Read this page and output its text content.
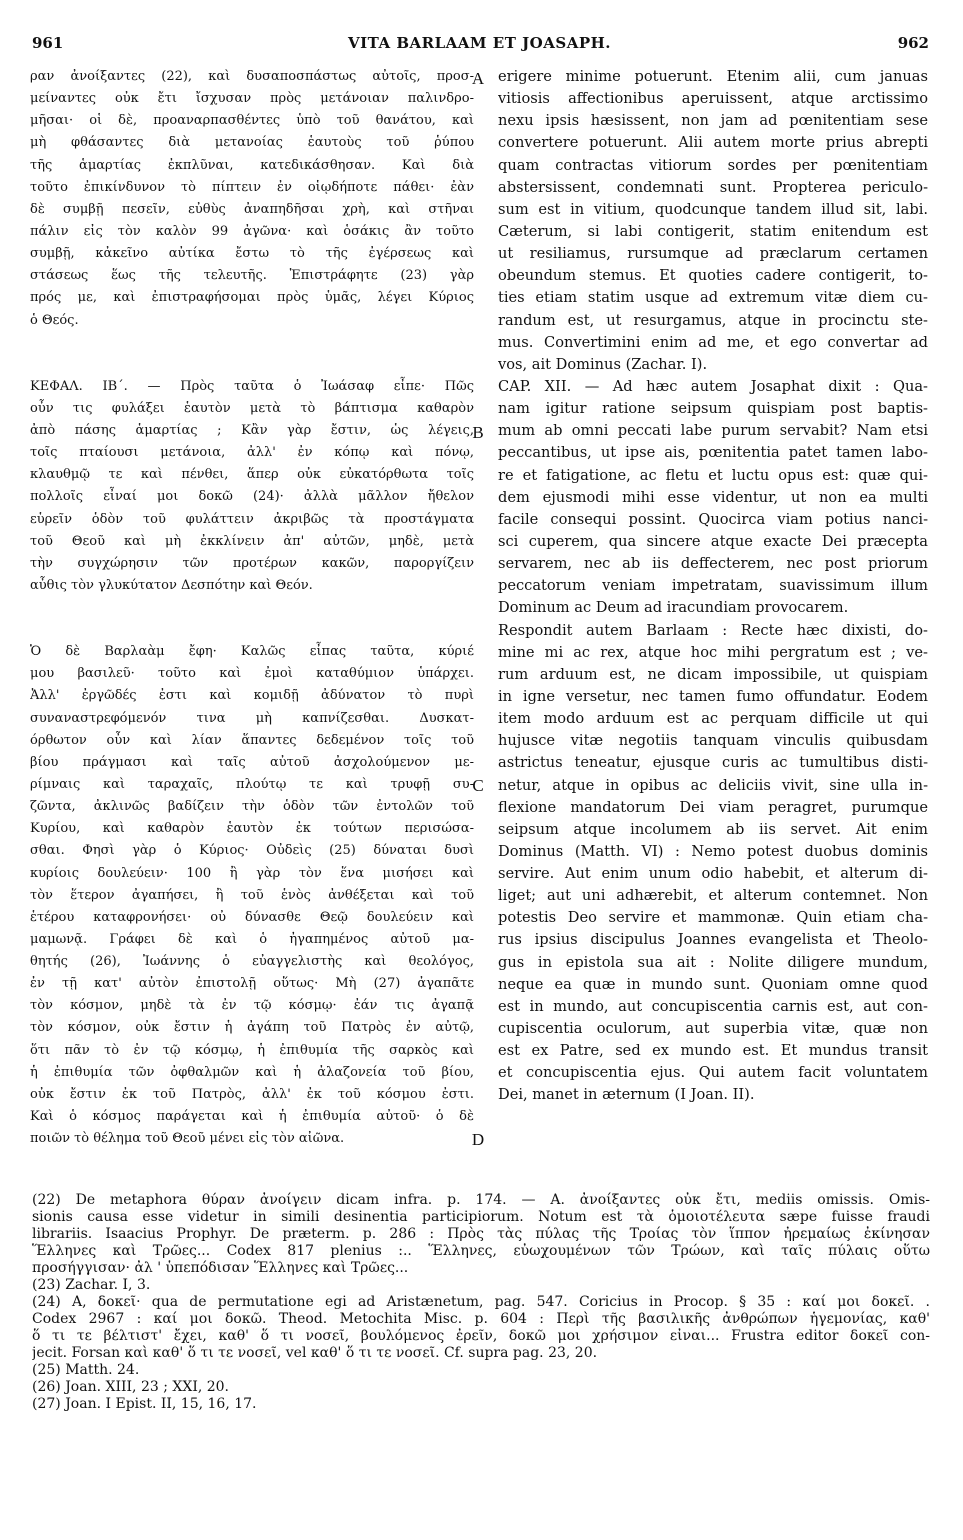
961	VITA BARLAAM ET JOASAPH.	962
ραν ἀνοίξαντες (22), καὶ δυσαποσπάστως αὐτοῖς, προσ-
μείναντες οὐκ ἔτι ἴσχυσαν πρὸς μετάνοιαν παλινδρο-
μῆσαι· οἱ δὲ, προαναρπασθέντες ὑπὸ τοῦ θανάτου, καὶ
μὴ φθάσαντες διὰ μετανοίας ἑαυτοὺς τοῦ ῥύπου
τῆς ἁμαρτίας ἐκπλῦναι, κατεδικάσθησαν. Καὶ διὰ
τοῦτο ἐπικίνδυνον τὸ πίπτειν ἐν οἱῳδήποτε πάθει· ἐὰν
δὲ συμβῇ πεσεῖν, εὐθὺς ἀναπηδῆσαι χρὴ, καὶ στῆναι
πάλιν εἰς τὸν καλὸν 99 ἀγῶνα· καὶ ὁσάκις ἂν τοῦτο
συμβῇ, κἀκεῖνο αὐτίκα ἔστω τὸ τῆς ἐγέρσεως καὶ
στάσεως ἕως τῆς τελευτῆς. Ἐπιστράφητε (23) γὰρ
πρός με, καὶ ἐπιστραφήσομαι πρὸς ὑμᾶς, λέγει Κύριος
ὁ Θεός.
ΚΕΦΑΛ. ΙΒ΄. — Πρὸς ταῦτα ὁ Ἰωάσαφ εἶπε· Πῶς
οὖν τις φυλάξει ἑαυτὸν μετὰ τὸ βάπτισμα καθαρὸν
ἀπὸ πάσης ἁμαρτίας ; Κἂν γὰρ ἔστιν, ὡς λέγεις,
τοῖς πταίουσι μετάνοια, ἀλλ' ἐν κόπῳ καὶ πόνῳ,
κλαυθμῷ τε καὶ πένθει, ἅπερ οὐκ εὐκατόρθωτα τοῖς
πολλοῖς εἶναί μοι δοκῶ (24)· ἀλλὰ μᾶλλον ἤθελον
εὑρεῖν ὁδὸν τοῦ φυλάττειν ἀκριβῶς τὰ προστάγματα
τοῦ Θεοῦ καὶ μὴ ἐκκλίνειν ἀπ' αὐτῶν, μηδὲ, μετὰ
τὴν συγχώρησιν τῶν προτέρων κακῶν, παροργίζειν
αὖθις τὸν γλυκύτατον Δεσπότην καὶ Θεόν.
Ὁ δὲ Βαρλαὰμ ἔφη· Καλῶς εἶπας ταῦτα, κύριέ
μου βασιλεῦ· τοῦτο καὶ ἐμοὶ καταθύμιον ὑπάρχει.
Ἀλλ' ἐργῶδές ἐστι καὶ κομιδῇ ἀδύνατον τὸ πυρὶ
συναναστρεφόμενόν τινα μὴ καπνίζεσθαι. Δυσκατ-
όρθωτον οὖν καὶ λίαν ἅπαντες δεδεμένον τοῖς τοῦ
βίου πράγμασι καὶ ταῖς αὐτοῦ ἀσχολούμενον με-
ρίμναις καὶ ταραχαῖς, πλούτῳ τε καὶ τρυφῇ συ-
ζῶντα, ἀκλινῶς βαδίζειν τὴν ὁδὸν τῶν ἐντολῶν τοῦ
Κυρίου, καὶ καθαρὸν ἑαυτὸν ἐκ τούτων περισώσα-
σθαι. Φησὶ γὰρ ὁ Κύριος· Οὐδεὶς (25) δύναται δυσὶ
κυρίοις δουλεύειν· 100 ἢ γὰρ τὸν ἕνα μισήσει καὶ
τὸν ἕτερον ἀγαπήσει, ἢ τοῦ ἑνὸς ἀνθέξεται καὶ τοῦ
ἑτέρου καταφρονήσει· οὐ δύνασθε Θεῷ δουλεύειν καὶ
μαμωνᾷ. Γράφει δὲ καὶ ὁ ἠγαπημένος αὐτοῦ μα-
θητής (26), Ἰωάννης ὁ εὐαγγελιστὴς καὶ θεολόγος,
ἐν τῇ κατ' αὐτὸν ἐπιστολῇ οὕτως· Μὴ (27) ἀγαπᾶτε
τὸν κόσμον, μηδὲ τὰ ἐν τῷ κόσμῳ· ἐάν τις ἀγαπᾷ
τὸν κόσμον, οὐκ ἔστιν ἡ ἀγάπη τοῦ Πατρὸς ἐν αὐτῷ,
ὅτι πᾶν τὸ ἐν τῷ κόσμῳ, ἡ ἐπιθυμία τῆς σαρκὸς καὶ
ἡ ἐπιθυμία τῶν ὀφθαλμῶν καὶ ἡ ἀλαζονεία τοῦ βίου,
οὐκ ἔστιν ἐκ τοῦ Πατρὸς, ἀλλ' ἐκ τοῦ κόσμου ἐστι.
Καὶ ὁ κόσμος παράγεται καὶ ἡ ἐπιθυμία αὐτοῦ· ὁ δὲ
ποιῶν τὸ θέλημα τοῦ Θεοῦ μένει εἰς τὸν αἰῶνα.
erigere minime potuerunt. Etenim alii, cum januas
vitiosis affectionibus aperuissent, atque arctissimo
nexu ipsis hæsissent, non jam ad pœnitentiam sese
convertere potuerunt. Alii autem morte prius abrepti
quam contractas vitiorum sordes per pœnitentiam
abstersissent, condemnati sunt. Propterea periculo-
sum est in vitium, quodcunque tandem illud sit, labi.
Cæterum, si labi contigerit, statim enitendum est
ut resiliamus, rursumque ad præclarum certamen
obeundum stemus. Et quoties cadere contigerit, to-
ties etiam statim usque ad extremum vitæ diem cu-
randum est, ut resurgamus, atque in procinctu ste-
mus. Convertimini enim ad me, et ego convertar ad
vos, ait Dominus (Zachar. I).
CAP. XII. — Ad hæc autem Josaphat dixit : Qua-
nam igitur ratione seipsum quispiam post baptis-
mum ab omni peccati labe purum servabit? Nam etsi
peccantibus, ut ipse ais, pœnitentia patet tamen labo-
re et fatigatione, ac fletu et luctu opus est: quæ qui-
dem ejusmodi mihi esse videntur, ut non ea multi
facile consequi possint. Quocirca viam potius nanci-
sci cuperem, qua sincere atque exacte Dei præcepta
servarem, nec ab iis deffecterem, nec post priorum
peccatorum veniam impetratam, suavissimum illum
Dominum ac Deum ad iracundiam provocarem.
Respondit autem Barlaam : Recte hæc dixisti, do-
mine mi ac rex, atque hoc mihi pergratum est ; ve-
rum arduum est, ne dicam impossibile, ut quispiam
in igne versetur, nec tamen fumo offundatur. Eodem
item modo arduum est ac perquam difficile ut qui
hujusce vitæ negotiis tanquam vinculis quibusdam
astrictus teneatur, ejusque curis ac tumultibus disti-
netur, atque in opibus ac deliciis vivit, sine ulla in-
flexione mandatorum Dei viam peragret, purumque
seipsum atque incolumem ab iis servet. Ait enim
Dominus (Matth. VI) : Nemo potest duobus dominis
servire. Aut enim unum odio habebit, et alterum di-
liget; aut uni adhærebit, et alterum contemnet. Non
potestis Deo servire et mammonæ. Quin etiam cha-
rus ipsius discipulus Joannes evangelista et Theolo-
gus in epistola sua ait : Nolite diligere mundum,
neque ea quæ in mundo sunt. Quoniam omne quod
est in mundo, aut concupiscentia carnis est, aut con-
cupiscentia oculorum, aut superbia vitæ, quæ non
est ex Patre, sed ex mundo est. Et mundus transit
et concupiscentia ejus. Qui autem facit voluntatem
Dei, manet in æternum (I Joan. II).
A
B
C
D
(22) De metaphora θύραν ἀνοίγειν dicam infra. p. 174. — A. ἀνοίξαντες οὐκ ἔτι, mediis omissis. Omis-
sionis causa esse videtur in simili desinentia participiorum. Notum est τὰ ὁμοιοτέλευτα sæpe fuisse fraudi
librariis. Isaacius Prophyr. De præterm. p. 286 : Πρὸς τὰς πύλας τῆς Τροίας τὸν ἵππον ἠρεμαίως ἐκίνησαν
Ἕλληνες καὶ Τρῶες... Codex 817 plenius :.. Ἕλληνες, εὐωχουμένων τῶν Τρώων, καὶ ταῖς πύλαις οὕτω
προσήγγισαν· ἀλ ' ὑπεπόδισαν Ἕλληνες καὶ Τρῶες...
(23) Zachar. I, 3.
(24) A, δοκεῖ· qua de permutatione egi ad Aristænetum, pag. 547. Coricius in Procop. § 35 : καί μοι δοκεῖ. .
Codex 2967 : καί μοι δοκῶ. Theod. Metochita Misc. p. 604 : Περὶ τῆς βασιλικῆς ἀνθρώπων ἡγεμονίας, καθ'
ὅ τι τε βέλτιστ' ἔχει, καθ' ὅ τι νοσεῖ, βουλόμενος ἐρεῖν, δοκῶ μοι χρήσιμον εἶναι... Frustra editor δοκεῖ con-
jecit. Forsan καὶ καθ' ὅ τι τε νοσεῖ, vel καθ' ὅ τι τε νοσεῖ. Cf. supra pag. 23, 20.
(25) Matth. 24.
(26) Joan. XIII, 23 ; XXI, 20.
(27) Joan. I Epist. II, 15, 16, 17.
